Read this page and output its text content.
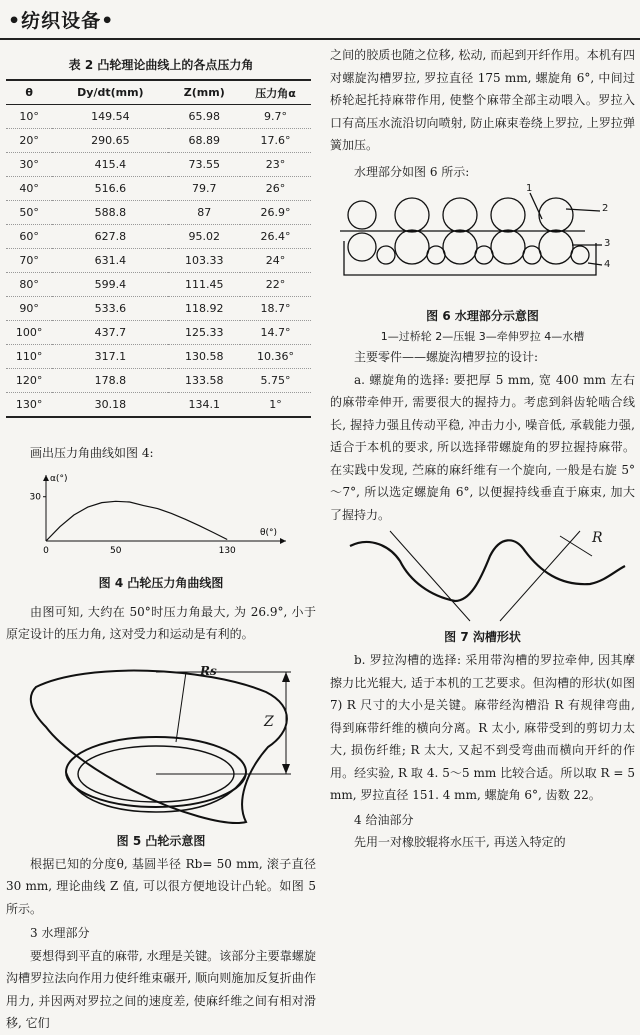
•纺织设备•
表 2 凸轮理论曲线上的各点压力角
θ	Dy/dt(mm)	Z(mm)	压力角α
10°	149.54	65.98	9.7°
20°	290.65	68.89	17.6°
30°	415.4	73.55	23°
40°	516.6	79.7	26°
50°	588.8	87	26.9°
60°	627.8	95.02	26.4°
70°	631.4	103.33	24°
80°	599.4	111.45	22°
90°	533.6	118.92	18.7°
100°	437.7	125.33	14.7°
110°	317.1	130.58	10.36°
120°	178.8	133.58	5.75°
130°	30.18	134.1	1°
画出压力角曲线如图 4:
0	50	130
30
α(°)
θ(°)
图 4 凸轮压力角曲线图
由图可知, 大约在 50°时压力角最大, 为 26.9°, 小于原定设计的压力角, 这对受力和运动是有利的。
Rs
Z
图 5 凸轮示意图
根据已知的分度θ, 基圆半径 Rb= 50 mm, 滚子直径 30 mm, 理论曲线 Z 值, 可以很方便地设计凸轮。如图 5 所示。
3 水理部分
要想得到平直的麻带, 水理是关键。该部分主要靠螺旋沟槽罗拉法向作用力使纤维束碾开, 顺向则施加反复折曲作用力, 并因两对罗拉之间的速度差, 使麻纤维之间有相对滑移, 它们
之间的胶质也随之位移, 松动, 而起到开纤作用。本机有四对螺旋沟槽罗拉, 罗拉直径 175 mm, 螺旋角 6°, 中间过桥轮起托持麻带作用, 使整个麻带全部主动喂入。罗拉入口有高压水流沿切向喷射, 防止麻束卷绕上罗拉, 上罗拉弹簧加压。
水理部分如图 6 所示:
1
2
3
4
图 6 水理部分示意图
1—过桥轮 2—压辊 3—牵伸罗拉 4—水槽
主要零件——螺旋沟槽罗拉的设计:
a. 螺旋角的选择: 要把厚 5 mm, 宽 400 mm 左右的麻带牵伸开, 需要很大的握持力。考虑到斜齿轮啮合线长, 握持力强且传动平稳, 冲击力小, 噪音低, 承载能力强, 适合于本机的要求, 所以选择带螺旋角的罗拉握持麻带。在实践中发现, 苎麻的麻纤维有一个旋向, 一般是右旋 5°～7°, 所以选定螺旋角 6°, 以便握持线垂直于麻束, 加大了握持力。
R
图 7 沟槽形状
b. 罗拉沟槽的选择: 采用带沟槽的罗拉牵伸, 因其摩擦力比光辊大, 适于本机的工艺要求。但沟槽的形状(如图 7) R 尺寸的大小是关键。麻带经沟槽沿 R 有规律弯曲, 得到麻带纤维的横向分离。R 太小, 麻带受到的剪切力太大, 损伤纤维; R 太大, 又起不到受弯曲而横向开纤的作用。经实验, R 取 4. 5～5 mm 比较合适。所以取 R = 5 mm, 罗拉直径 151. 4 mm, 螺旋角 6°, 齿数 22。
4 给油部分
先用一对橡胶辊将水压干, 再送入特定的
